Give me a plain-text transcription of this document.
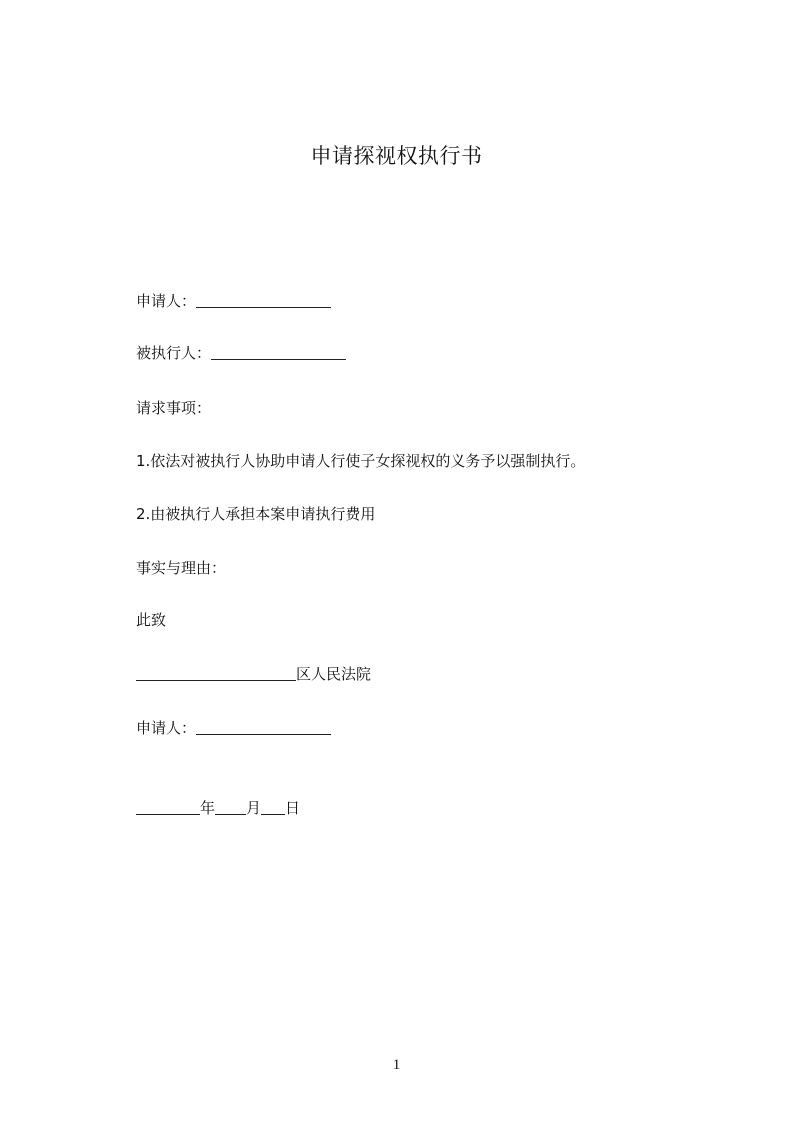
申请探视权执行书
申请人：
被执行人：
请求事项：
1.依法对被执行人协助申请人行使子女探视权的义务予以强制执行。
2.由被执行人承担本案申请执行费用
事实与理由：
此致
区人民法院
申请人：
年 月 日
1
